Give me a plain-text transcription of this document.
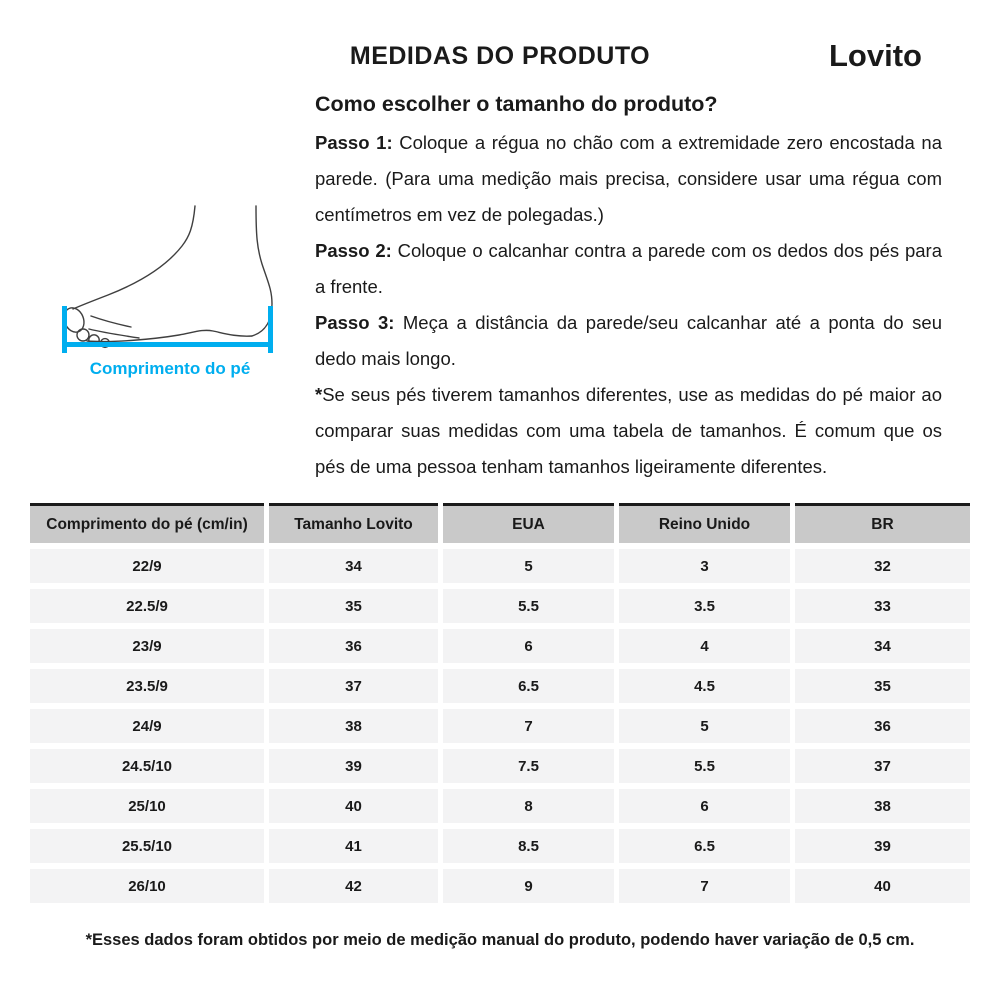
MEDIDAS DO PRODUTO	Lovito
Como escolher o tamanho do produto?

Passo 1: Coloque a régua no chão com a extremidade zero encostada na parede. (Para uma medição mais precisa, considere usar uma régua com centímetros em vez de polegadas.)

Passo 2: Coloque o calcanhar contra a parede com os dedos dos pés para a frente.

Passo 3: Meça a distância da parede/seu calcanhar até a ponta do seu dedo mais longo.

*Se seus pés tiverem tamanhos diferentes, use as medidas do pé maior ao comparar suas medidas com uma tabela de tamanhos. É comum que os pés de uma pessoa tenham tamanhos ligeiramente diferentes.

Comprimento do pé
Comprimento do pé (cm/in)	Tamanho Lovito	EUA	Reino Unido	BR
22/9	34	5	3	32
22.5/9	35	5.5	3.5	33
23/9	36	6	4	34
23.5/9	37	6.5	4.5	35
24/9	38	7	5	36
24.5/10	39	7.5	5.5	37
25/10	40	8	6	38
25.5/10	41	8.5	6.5	39
26/10	42	9	7	40
*Esses dados foram obtidos por meio de medição manual do produto, podendo haver variação de 0,5 cm.
